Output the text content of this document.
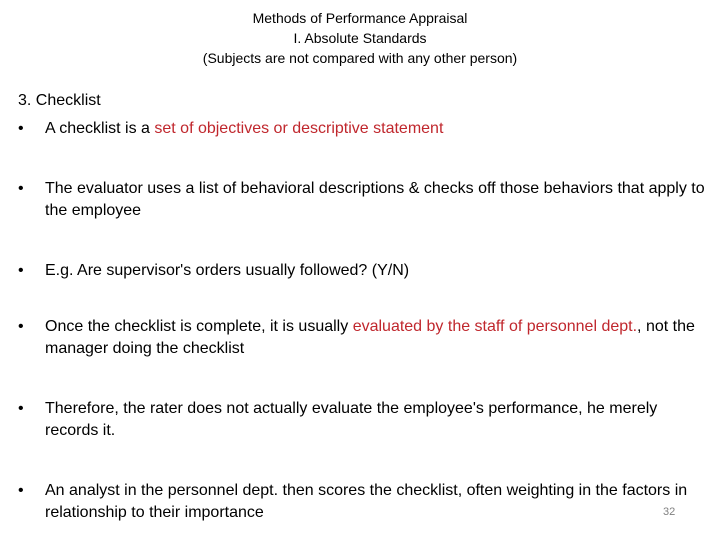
Methods of Performance Appraisal
I. Absolute Standards
(Subjects are not compared with any other person)
3. Checklist
• A checklist is a set of objectives or descriptive statement
• The evaluator uses a list of behavioral descriptions & checks off those behaviors that apply to the employee
• E.g. Are supervisor's orders usually followed? (Y/N)
• Once the checklist is complete, it is usually evaluated by the staff of personnel dept., not the manager doing the checklist
• Therefore, the rater does not actually evaluate the employee's performance, he merely records it.
• An analyst in the personnel dept. then scores the checklist, often weighting in the factors in relationship to their importance	32
